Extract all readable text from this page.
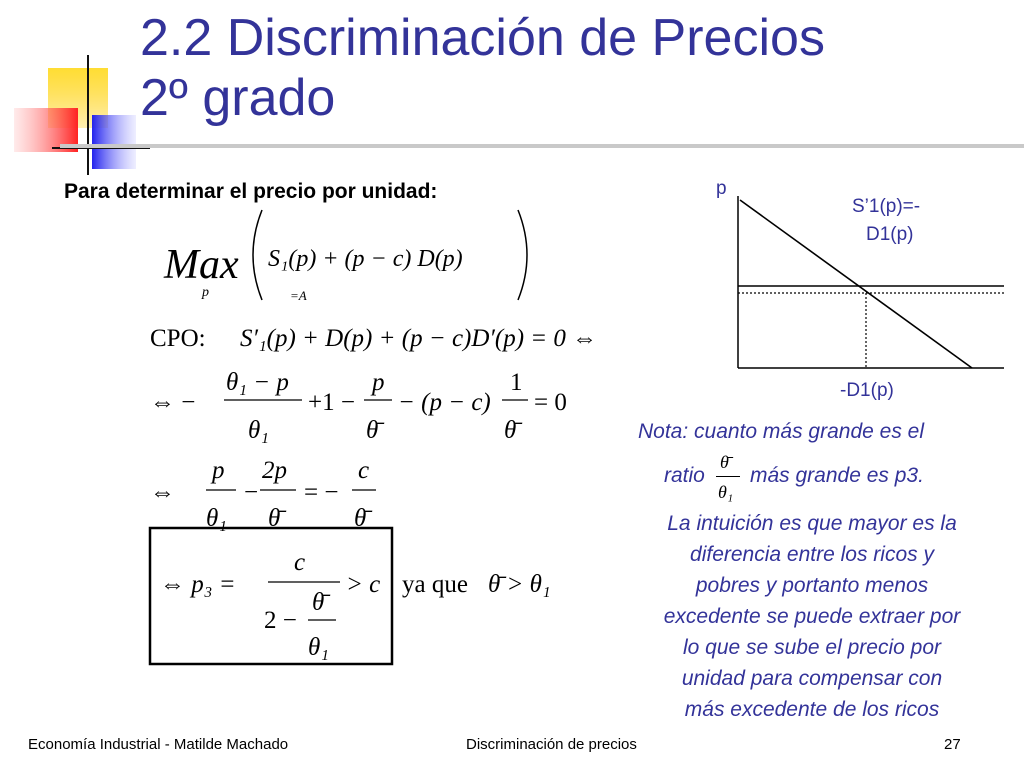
2.2 Discriminación de Precios
2º grado
Para determinar el precio por unidad:
Max
p
S₁(p) + (p − c) D(p)
=A
CPO: S′₁(p) + D(p) + (p − c)D′(p) = 0 ⇔
⇔ −
θ₁ − p
θ₁
+1 −
p
θ̄
− (p − c)
1
θ̄
= 0
⇔
p
θ₁
−
2p
θ̄
= −
c
θ̄
⇔ p₃ =
c
2 −
θ̄
θ₁
> c ya que θ̄ > θ₁
p
S’1(p)=-
D1(p)
-D1(p)
Nota: cuanto más grande es el
ratio
θ̄
θ₁
más grande es p3.
La intuición es que mayor es la
diferencia entre los ricos y
pobres y portanto menos
excedente se puede extraer por
lo que se sube el precio por
unidad para compensar con
más excedente de los ricos
Economía Industrial - Matilde Machado	Discriminación de precios	27
